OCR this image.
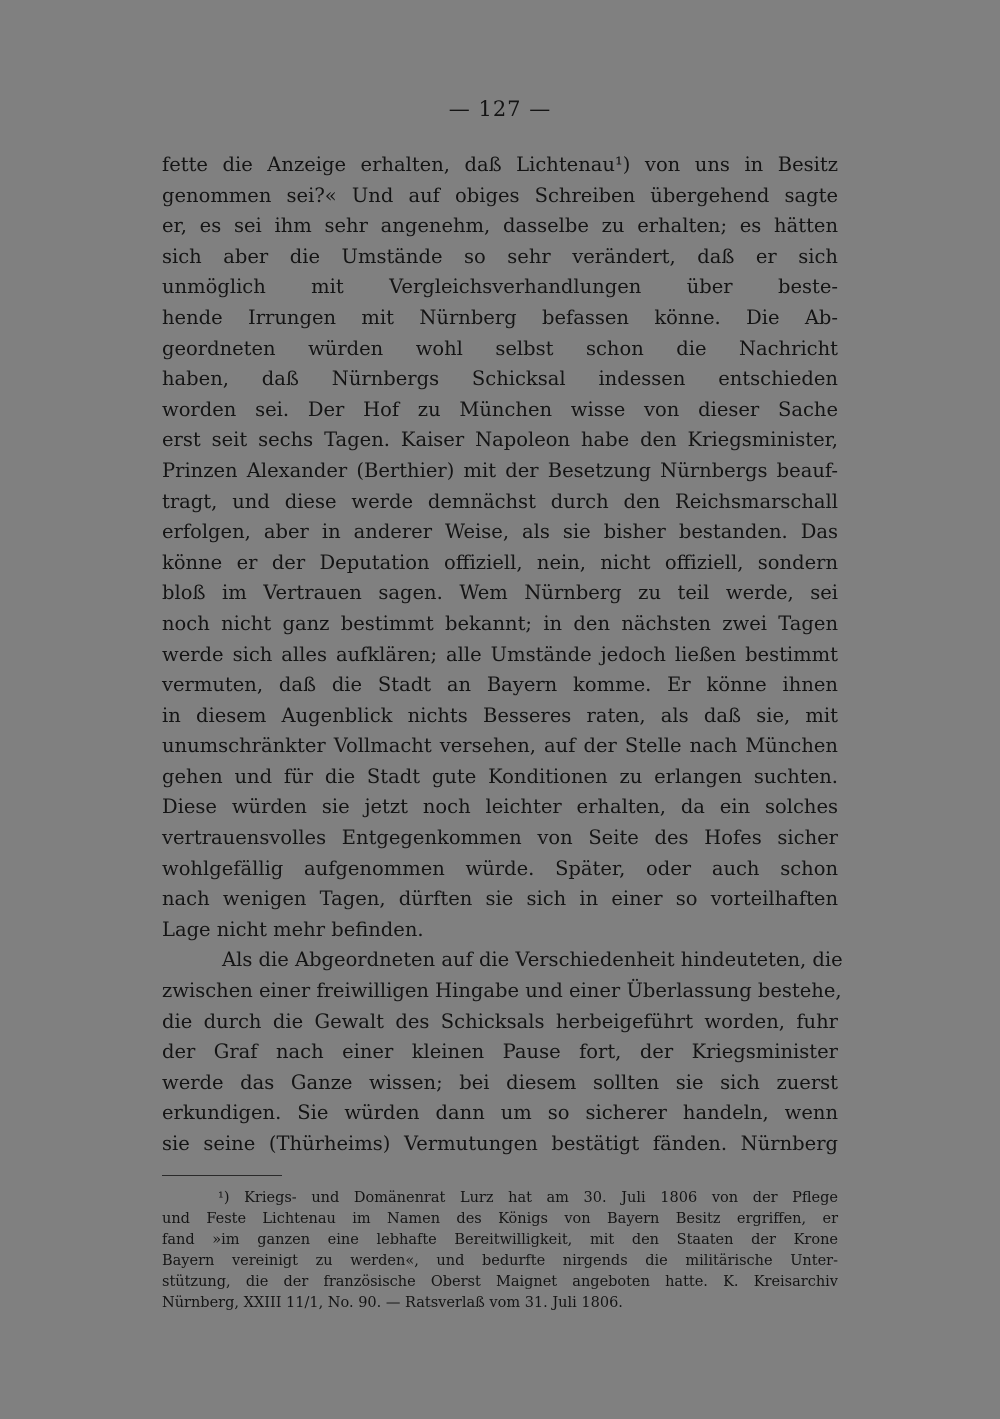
— 127 —
fette die Anzeige erhalten, daß Lichtenau¹) von uns in Besitz
genommen sei?« Und auf obiges Schreiben übergehend sagte
er, es sei ihm sehr angenehm, dasselbe zu erhalten; es hätten
sich aber die Umstände so sehr verändert, daß er sich
unmöglich mit Vergleichsverhandlungen über beste-
hende Irrungen mit Nürnberg befassen könne. Die Ab-
geordneten würden wohl selbst schon die Nachricht
haben, daß Nürnbergs Schicksal indessen entschieden
worden sei. Der Hof zu München wisse von dieser Sache
erst seit sechs Tagen. Kaiser Napoleon habe den Kriegsminister,
Prinzen Alexander (Berthier) mit der Besetzung Nürnbergs beauf-
tragt, und diese werde demnächst durch den Reichsmarschall
erfolgen, aber in anderer Weise, als sie bisher bestanden. Das
könne er der Deputation offiziell, nein, nicht offiziell, sondern
bloß im Vertrauen sagen. Wem Nürnberg zu teil werde, sei
noch nicht ganz bestimmt bekannt; in den nächsten zwei Tagen
werde sich alles aufklären; alle Umstände jedoch ließen bestimmt
vermuten, daß die Stadt an Bayern komme. Er könne ihnen
in diesem Augenblick nichts Besseres raten, als daß sie, mit
unumschränkter Vollmacht versehen, auf der Stelle nach München
gehen und für die Stadt gute Konditionen zu erlangen suchten.
Diese würden sie jetzt noch leichter erhalten, da ein solches
vertrauensvolles Entgegenkommen von Seite des Hofes sicher
wohlgefällig aufgenommen würde. Später, oder auch schon
nach wenigen Tagen, dürften sie sich in einer so vorteilhaften
Lage nicht mehr befinden.
Als die Abgeordneten auf die Verschiedenheit hindeuteten, die
zwischen einer freiwilligen Hingabe und einer Überlassung bestehe,
die durch die Gewalt des Schicksals herbeigeführt worden, fuhr
der Graf nach einer kleinen Pause fort, der Kriegsminister
werde das Ganze wissen; bei diesem sollten sie sich zuerst
erkundigen. Sie würden dann um so sicherer handeln, wenn
sie seine (Thürheims) Vermutungen bestätigt fänden. Nürnberg
¹) Kriegs- und Domänenrat Lurz hat am 30. Juli 1806 von der Pflege
und Feste Lichtenau im Namen des Königs von Bayern Besitz ergriffen, er
fand »im ganzen eine lebhafte Bereitwilligkeit, mit den Staaten der Krone
Bayern vereinigt zu werden«, und bedurfte nirgends die militärische Unter-
stützung, die der französische Oberst Maignet angeboten hatte. K. Kreisarchiv
Nürnberg, XXIII 11/1, No. 90. — Ratsverlaß vom 31. Juli 1806.
